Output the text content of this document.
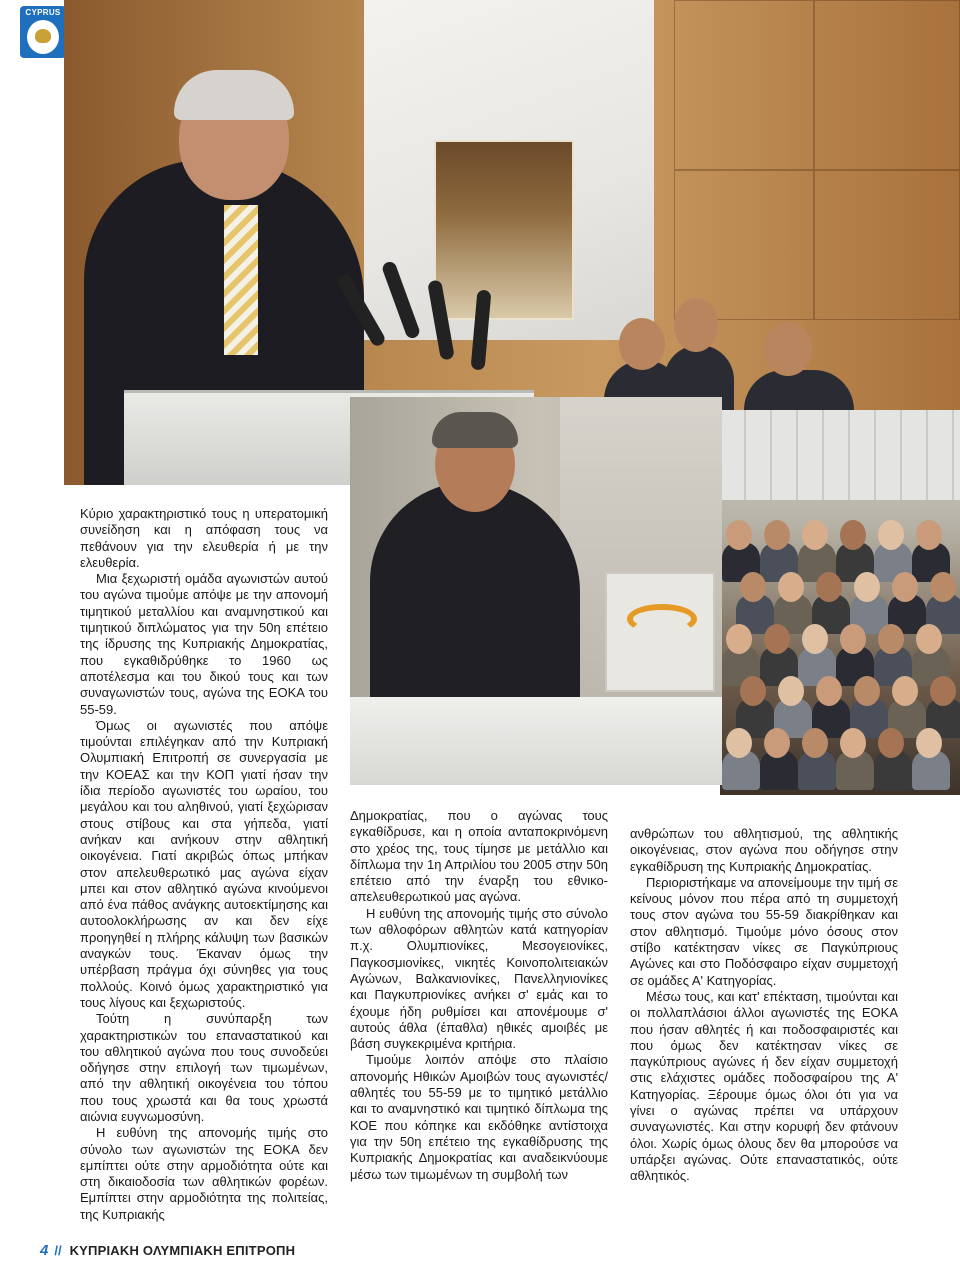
CYPRUS

Κύριο χαρακτηριστικό τους η υπερατομική συνείδηση και η απόφαση τους να πεθάνουν για την ελευθερία ή με την ελευθερία.

Μια ξεχωριστή ομάδα αγωνιστών αυτού του αγώνα τιμούμε απόψε με την απονομή τιμητικού μεταλλίου και αναμνηστικού και τιμητικού διπλώματος για την 50η επέτειο της ίδρυσης της Κυπριακής Δημοκρατίας, που εγκαθιδρύθηκε το 1960 ως αποτέλεσμα και του δικού τους και των συναγωνιστών τους, αγώνα της ΕΟΚΑ του 55-59.

Όμως οι αγωνιστές που απόψε τιμούνται επιλέγηκαν από την Κυπριακή Ολυμπιακή Επιτροπή σε συνεργασία με την ΚΟΕΑΣ και την ΚΟΠ γιατί ήσαν την ίδια περίοδο αγωνιστές του ωραίου, του μεγάλου και του αληθινού, γιατί ξεχώρισαν στους στίβους και στα γήπεδα, γιατί ανήκαν και ανήκουν στην αθλητική οικογένεια. Γιατί ακριβώς όπως μπήκαν στον απελευθερωτικό μας αγώνα είχαν μπει και στον αθλητικό αγώνα κινούμενοι από ένα πάθος ανάγκης αυτοεκτίμησης και αυτοολοκλήρωσης αν και δεν είχε προηγηθεί η πλήρης κάλυψη των βασικών αναγκών τους. Έκαναν όμως την υπέρβαση πράγμα όχι σύνηθες για τους πολλούς. Κοινό όμως χαρακτηριστικό για τους λίγους και ξεχωριστούς.

Τούτη η συνύπαρξη των χαρακτηριστικών του επαναστατικού και του αθλητικού αγώνα που τους συνοδεύει οδήγησε στην επιλογή των τιμωμένων, από την αθλητική οικογένεια του τόπου που τους χρωστά και θα τους χρωστά αιώνια ευγνωμοσύνη.

Η ευθύνη της απονομής τιμής στο σύνολο των αγωνιστών της ΕΟΚΑ δεν εμπίπτει ούτε στην αρμοδιότητα ούτε και στη δικαιοδοσία των αθλητικών φορέων. Εμπίπτει στην αρμοδιότητα της πολιτείας, της Κυπριακής

Δημοκρατίας, που ο αγώνας τους εγκαθίδρυσε, και η οποία ανταποκρινόμενη στο χρέος της, τους τίμησε με μετάλλιο και δίπλωμα την 1η Απριλίου του 2005 στην 50η επέτειο από την έναρξη του εθνικο-απελευθερωτικού μας αγώνα.

Η ευθύνη της απονομής τιμής στο σύνολο των αθλοφόρων αθλητών κατά κατηγορίαν π.χ. Ολυμπιονίκες, Μεσογειονίκες, Παγκοσμιονίκες, νικητές Κοινοπολιτειακών Αγώνων, Βαλκανιονίκες, Πανελληνιονίκες και Παγκυπριονίκες ανήκει σ' εμάς και το έχουμε ήδη ρυθμίσει και απονέμουμε σ' αυτούς άθλα (έπαθλα) ηθικές αμοιβές με βάση συγκεκριμένα κριτήρια.

Τιμούμε λοιπόν απόψε στο πλαίσιο απονομής Ηθικών Αμοιβών τους αγωνιστές/αθλητές του 55-59 με το τιμητικό μετάλλιο και το αναμνηστικό και τιμητικό δίπλωμα της ΚΟΕ που κόπηκε και εκδόθηκε αντίστοιχα για την 50η επέτειο της εγκαθίδρυσης της Κυπριακής Δημοκρατίας και αναδεικνύουμε μέσω των τιμωμένων τη συμβολή των

ανθρώπων του αθλητισμού, της αθλητικής οικογένειας, στον αγώνα που οδήγησε στην εγκαθίδρυση της Κυπριακής Δημοκρατίας.

Περιοριστήκαμε να απονείμουμε την τιμή σε κείνους μόνον που πέρα από τη συμμετοχή τους στον αγώνα του 55-59 διακρίθηκαν και στον αθλητισμό. Τιμούμε μόνο όσους στον στίβο κατέκτησαν νίκες σε Παγκύπριους Αγώνες και στο Ποδόσφαιρο είχαν συμμετοχή σε ομάδες Α' Κατηγορίας.

Μέσω τους, και κατ' επέκταση, τιμούνται και οι πολλαπλάσιοι άλλοι αγωνιστές της ΕΟΚΑ που ήσαν αθλητές ή και ποδοσφαιριστές και που όμως δεν κατέκτησαν νίκες σε παγκύπριους αγώνες ή δεν είχαν συμμετοχή στις ελάχιστες ομάδες ποδοσφαίρου της Α' Κατηγορίας. Ξέρουμε όμως όλοι ότι για να γίνει ο αγώνας πρέπει να υπάρχουν συναγωνιστές. Και στην κορυφή δεν φτάνουν όλοι. Χωρίς όμως όλους δεν θα μπορούσε να υπάρξει αγώνας. Ούτε επαναστατικός, ούτε αθλητικός.

4 // ΚΥΠΡΙΑΚΗ ΟΛΥΜΠΙΑΚΗ ΕΠΙΤΡΟΠΗ
